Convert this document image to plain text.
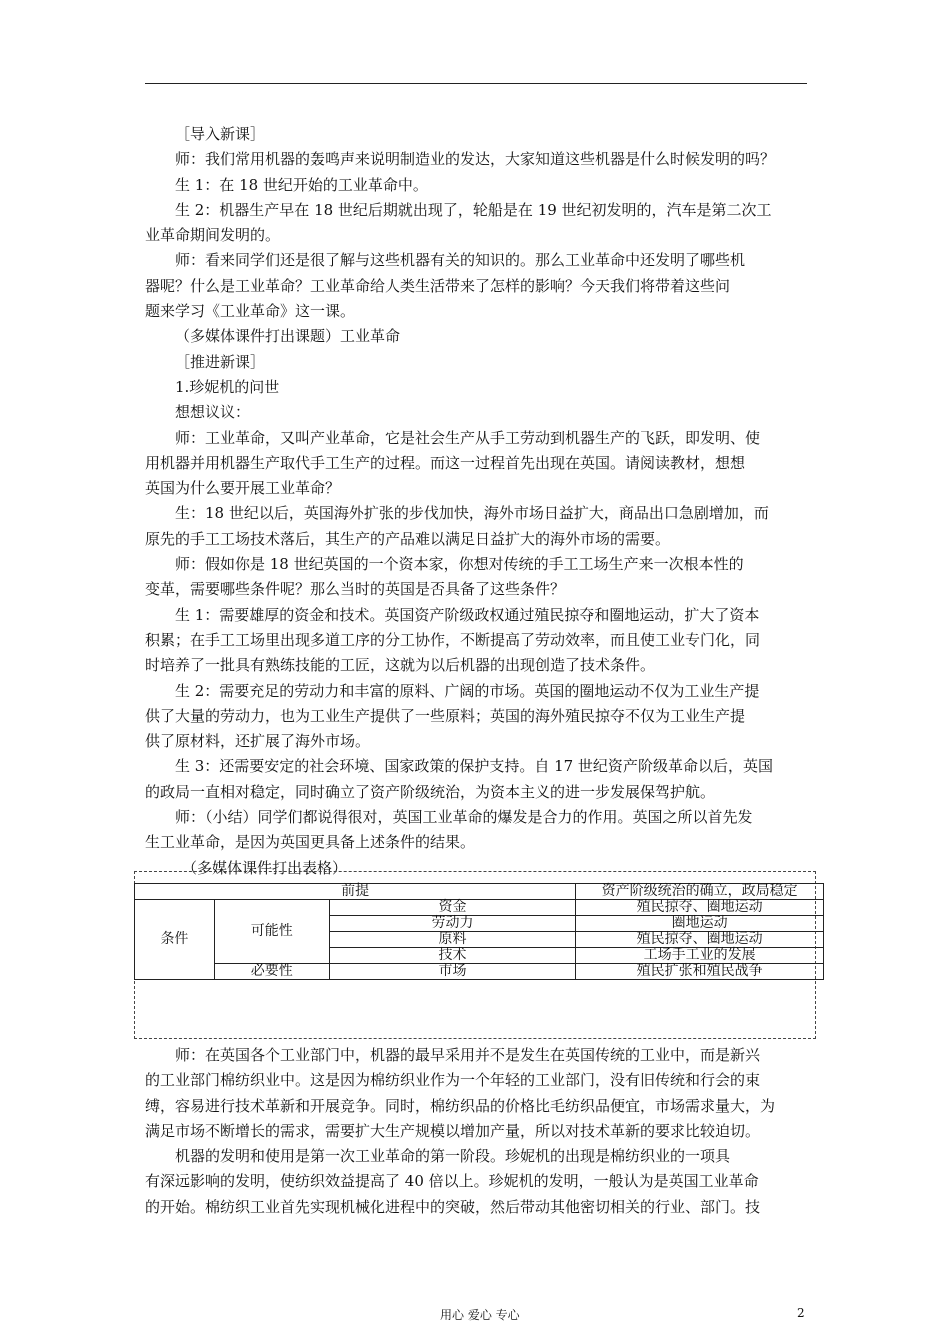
［导入新课］
师：我们常用机器的轰鸣声来说明制造业的发达，大家知道这些机器是什么时候发明的吗？
生 1：在 18 世纪开始的工业革命中。
生 2：机器生产早在 18 世纪后期就出现了，轮船是在 19 世纪初发明的，汽车是第二次工
业革命期间发明的。
师：看来同学们还是很了解与这些机器有关的知识的。那么工业革命中还发明了哪些机
器呢？什么是工业革命？工业革命给人类生活带来了怎样的影响？今天我们将带着这些问
题来学习《工业革命》这一课。
（多媒体课件打出课题）工业革命
［推进新课］
1.珍妮机的问世
想想议议：
师：工业革命，又叫产业革命，它是社会生产从手工劳动到机器生产的飞跃，即发明、使
用机器并用机器生产取代手工生产的过程。而这一过程首先出现在英国。请阅读教材，想想
英国为什么要开展工业革命？
生：18 世纪以后，英国海外扩张的步伐加快，海外市场日益扩大，商品出口急剧增加，而
原先的手工工场技术落后，其生产的产品难以满足日益扩大的海外市场的需要。
师：假如你是 18 世纪英国的一个资本家，你想对传统的手工工场生产来一次根本性的
变革，需要哪些条件呢？那么当时的英国是否具备了这些条件？
生 1：需要雄厚的资金和技术。英国资产阶级政权通过殖民掠夺和圈地运动，扩大了资本
积累；在手工工场里出现多道工序的分工协作，不断提高了劳动效率，而且使工业专门化，同
时培养了一批具有熟练技能的工匠，这就为以后机器的出现创造了技术条件。
生 2：需要充足的劳动力和丰富的原料、广阔的市场。英国的圈地运动不仅为工业生产提
供了大量的劳动力，也为工业生产提供了一些原料；英国的海外殖民掠夺不仅为工业生产提
供了原材料，还扩展了海外市场。
生 3：还需要安定的社会环境、国家政策的保护支持。自 17 世纪资产阶级革命以后，英国
的政局一直相对稳定，同时确立了资产阶级统治，为资本主义的进一步发展保驾护航。
师：（小结）同学们都说得很对，英国工业革命的爆发是合力的作用。英国之所以首先发
生工业革命，是因为英国更具备上述条件的结果。
（多媒体课件打出表格）
前提			资产阶级统治的确立，政局稳定
条件	可能性	资金	殖民掠夺、圈地运动
		劳动力	圈地运动
		原料	殖民掠夺、圈地运动
		技术	工场手工业的发展
	必要性	市场	殖民扩张和殖民战争
师：在英国各个工业部门中，机器的最早采用并不是发生在英国传统的工业中，而是新兴
的工业部门棉纺织业中。这是因为棉纺织业作为一个年轻的工业部门，没有旧传统和行会的束
缚，容易进行技术革新和开展竞争。同时，棉纺织品的价格比毛纺织品便宜，市场需求量大，为
满足市场不断增长的需求，需要扩大生产规模以增加产量，所以对技术革新的要求比较迫切。
机器的发明和使用是第一次工业革命的第一阶段。珍妮机的出现是棉纺织业的一项具
有深远影响的发明，使纺织效益提高了 40 倍以上。珍妮机的发明，一般认为是英国工业革命
的开始。棉纺织工业首先实现机械化进程中的突破，然后带动其他密切相关的行业、部门。技
用心 爱心 专心	2
